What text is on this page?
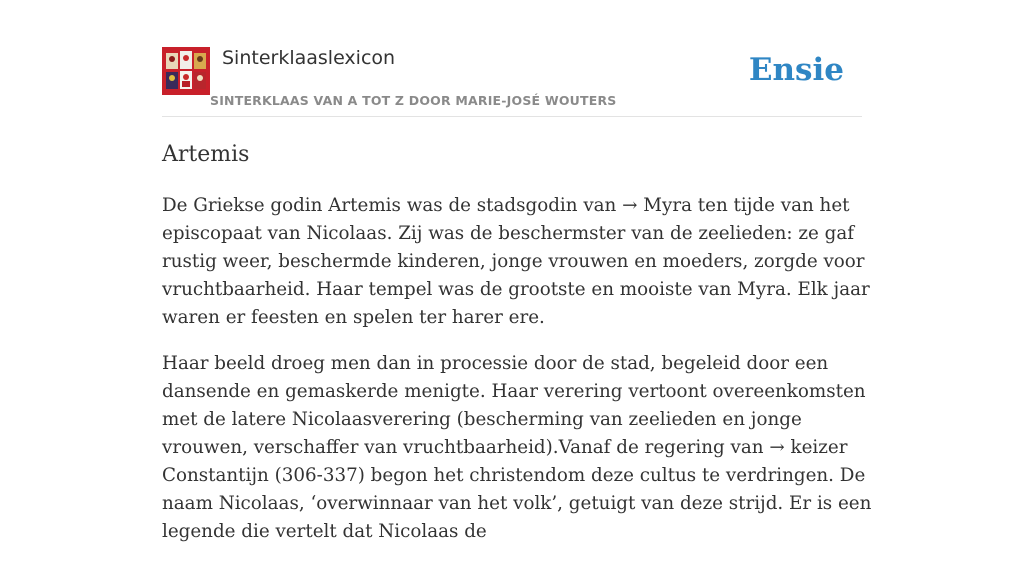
Sinterklaaslexicon
SINTERKLAAS VAN A TOT Z DOOR MARIE-JOSÉ WOUTERS
Ensie
Artemis

De Griekse godin Artemis was de stadsgodin van → Myra ten tijde van het episcopaat van Nicolaas. Zij was de beschermster van de zeelieden: ze gaf rustig weer, beschermde kinderen, jonge vrouwen en moeders, zorgde voor vruchtbaarheid. Haar tempel was de grootste en mooiste van Myra. Elk jaar waren er feesten en spelen ter harer ere.

Haar beeld droeg men dan in processie door de stad, begeleid door een dansende en gemaskerde menigte. Haar verering vertoont overeenkomsten met de latere Nicolaasverering (bescherming van zeelieden en jonge vrouwen, verschaffer van vruchtbaarheid).Vanaf de regering van → keizer Constantijn (306-337) begon het christendom deze cultus te verdringen. De naam Nicolaas, ‘overwinnaar van het volk’, getuigt van deze strijd. Er is een legende die vertelt dat Nicolaas de
